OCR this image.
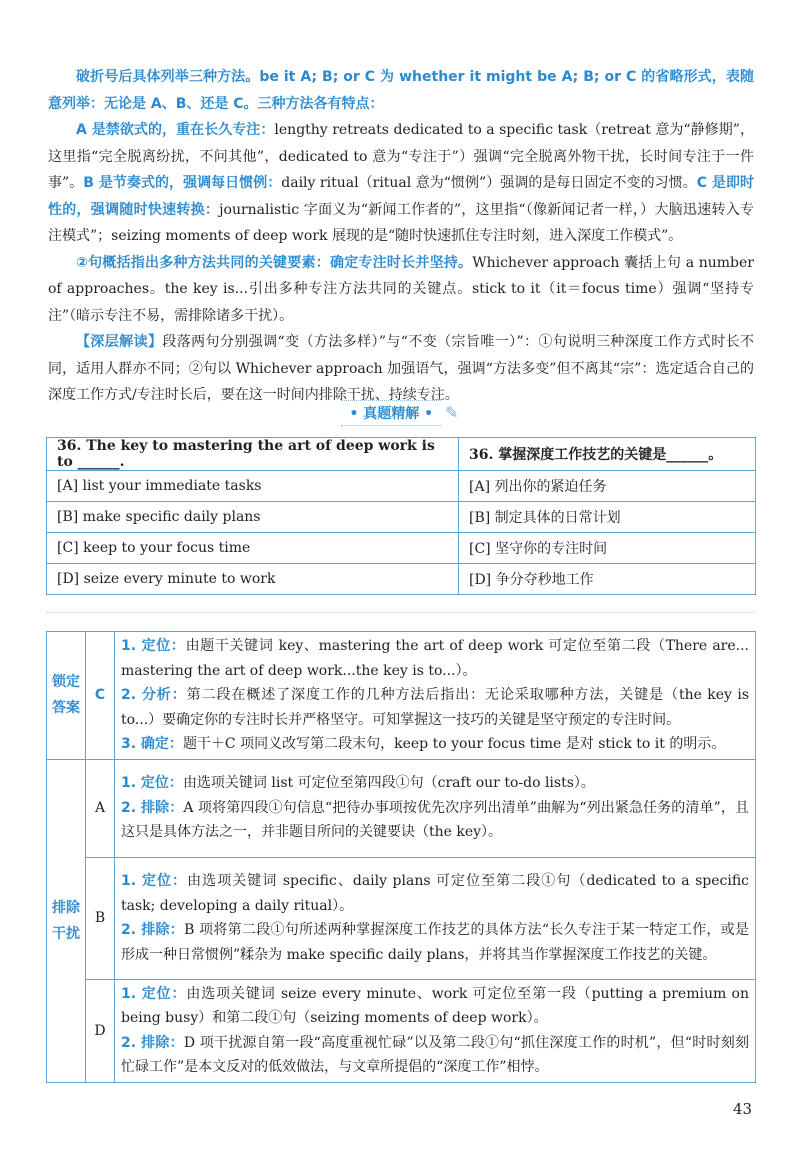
破折号后具体列举三种方法。be it A; B; or C 为 whether it might be A; B; or C 的省略形式，表随意列举：无论是 A、B、还是 C。三种方法各有特点：

A 是禁欲式的，重在长久专注：lengthy retreats dedicated to a specific task（retreat 意为“静修期”，这里指“完全脱离纷扰，不问其他”，dedicated to 意为“专注于”）强调“完全脱离外物干扰，长时间专注于一件事”。B 是节奏式的，强调每日惯例：daily ritual（ritual 意为“惯例”）强调的是每日固定不变的习惯。C 是即时性的，强调随时快速转换：journalistic 字面义为“新闻工作者的”，这里指“（像新闻记者一样，）大脑迅速转入专注模式”；seizing moments of deep work 展现的是“随时快速抓住专注时刻，进入深度工作模式”。

②句概括指出多种方法共同的关键要素：确定专注时长并坚持。Whichever approach 囊括上句 a number of approaches。the key is...引出多种专注方法共同的关键点。stick to it（it＝focus time）强调“坚持专注”（暗示专注不易，需排除诸多干扰）。

【深层解读】段落两句分别强调“变（方法多样）”与“不变（宗旨唯一）”：①句说明三种深度工作方式时长不同，适用人群亦不同；②句以 Whichever approach 加强语气，强调“方法多变”但不离其“宗”：选定适合自己的深度工作方式/专注时长后，要在这一时间内排除干扰、持续专注。

• 真题精解 • ✎
36. The key to mastering the art of deep work is to ______.	36. 掌握深度工作技艺的关键是______。
[A] list your immediate tasks	[A] 列出你的紧迫任务
[B] make specific daily plans	[B] 制定具体的日常计划
[C] keep to your focus time	[C] 坚守你的专注时间
[D] seize every minute to work	[D] 争分夺秒地工作
锁定答案	C	1. 定位：由题干关键词 key、mastering the art of deep work 可定位至第二段（There are... mastering the art of deep work...the key is to...）。

2. 分析：第二段在概述了深度工作的几种方法后指出：无论采取哪种方法，关键是（the key is to...）要确定你的专注时长并严格坚守。可知掌握这一技巧的关键是坚守预定的专注时间。

3. 确定：题干＋C 项同义改写第二段末句，keep to your focus time 是对 stick to it 的明示。

排除干扰	A	1. 定位：由选项关键词 list 可定位至第四段①句（craft our to-do lists）。

2. 排除：A 项将第四段①句信息“把待办事项按优先次序列出清单”曲解为“列出紧急任务的清单”，且这只是具体方法之一，并非题目所问的关键要诀（the key）。

	B	1. 定位：由选项关键词 specific、daily plans 可定位至第二段①句（dedicated to a specific task; developing a daily ritual）。

2. 排除：B 项将第二段①句所述两种掌握深度工作技艺的具体方法“长久专注于某一特定工作，或是形成一种日常惯例”糅杂为 make specific daily plans，并将其当作掌握深度工作技艺的关键。

	D	1. 定位：由选项关键词 seize every minute、work 可定位至第一段（putting a premium on being busy）和第二段①句（seizing moments of deep work）。

2. 排除：D 项干扰源自第一段“高度重视忙碌”以及第二段①句“抓住深度工作的时机”，但“时时刻刻忙碌工作”是本文反对的低效做法，与文章所提倡的“深度工作”相悖。

43
